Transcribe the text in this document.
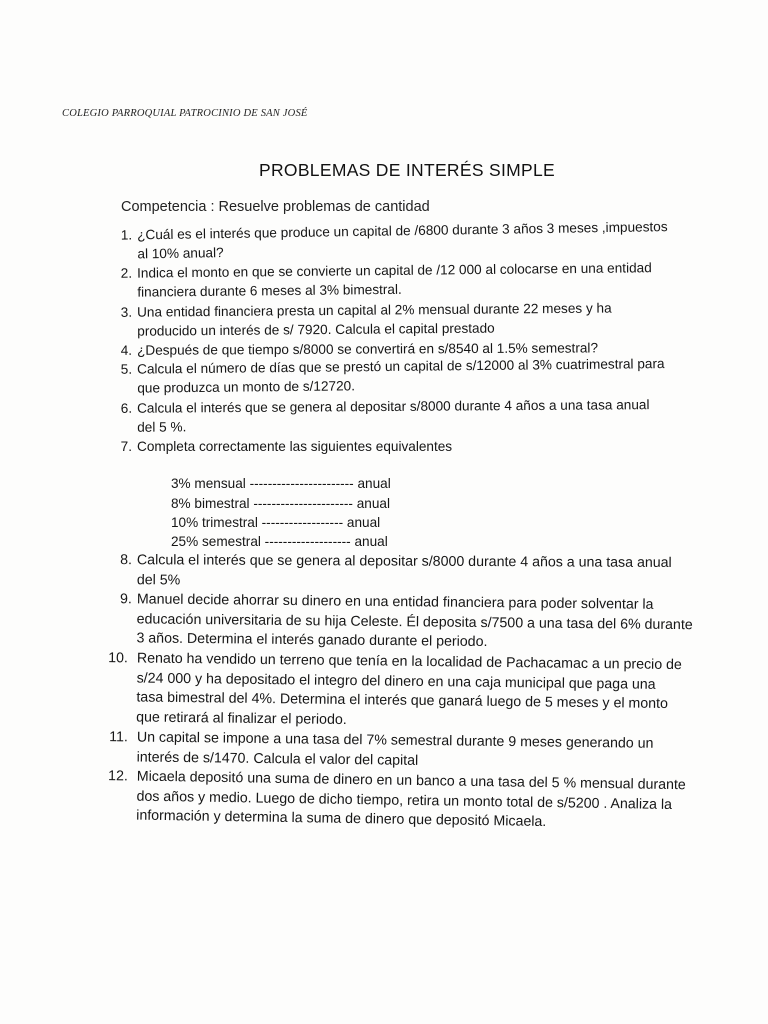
COLEGIO PARROQUIAL PATROCINIO DE SAN JOSÉ
PROBLEMAS DE INTERÉS SIMPLE
Competencia : Resuelve problemas de cantidad
1. ¿Cuál es el interés que produce un capital de /6800 durante 3 años 3 meses ,impuestos
al 10% anual?
2. Indica el monto en que se convierte un capital de /12 000 al colocarse en una entidad
financiera durante 6 meses al 3% bimestral.
3. Una entidad financiera presta un capital al 2% mensual durante 22 meses y ha
producido un interés de s/ 7920. Calcula el capital prestado
4. ¿Después de que tiempo s/8000 se convertirá en s/8540 al 1.5% semestral?
5. Calcula el número de días que se prestó un capital de s/12000 al 3% cuatrimestral para
que produzca un monto de s/12720.
6. Calcula el interés que se genera al depositar s/8000 durante 4 años a una tasa anual
del 5 %.
7. Completa correctamente las siguientes equivalentes
3% mensual ----------------------- anual
8% bimestral ---------------------- anual
10% trimestral ------------------ anual
25% semestral ------------------- anual
8. Calcula el interés que se genera al depositar s/8000 durante 4 años a una tasa anual
del 5%
9. Manuel decide ahorrar su dinero en una entidad financiera para poder solventar la
educación universitaria de su hija Celeste. Él deposita s/7500 a una tasa del 6% durante
3 años. Determina el interés ganado durante el periodo.
10. Renato ha vendido un terreno que tenía en la localidad de Pachacamac a un precio de
s/24 000 y ha depositado el integro del dinero en una caja municipal que paga una
tasa bimestral del 4%. Determina el interés que ganará luego de 5 meses y el monto
que retirará al finalizar el periodo.
11. Un capital se impone a una tasa del 7% semestral durante 9 meses generando un
interés de s/1470. Calcula el valor del capital
12. Micaela depositó una suma de dinero en un banco a una tasa del 5 % mensual durante
dos años y medio. Luego de dicho tiempo, retira un monto total de s/5200 . Analiza la
información y determina la suma de dinero que depositó Micaela.
